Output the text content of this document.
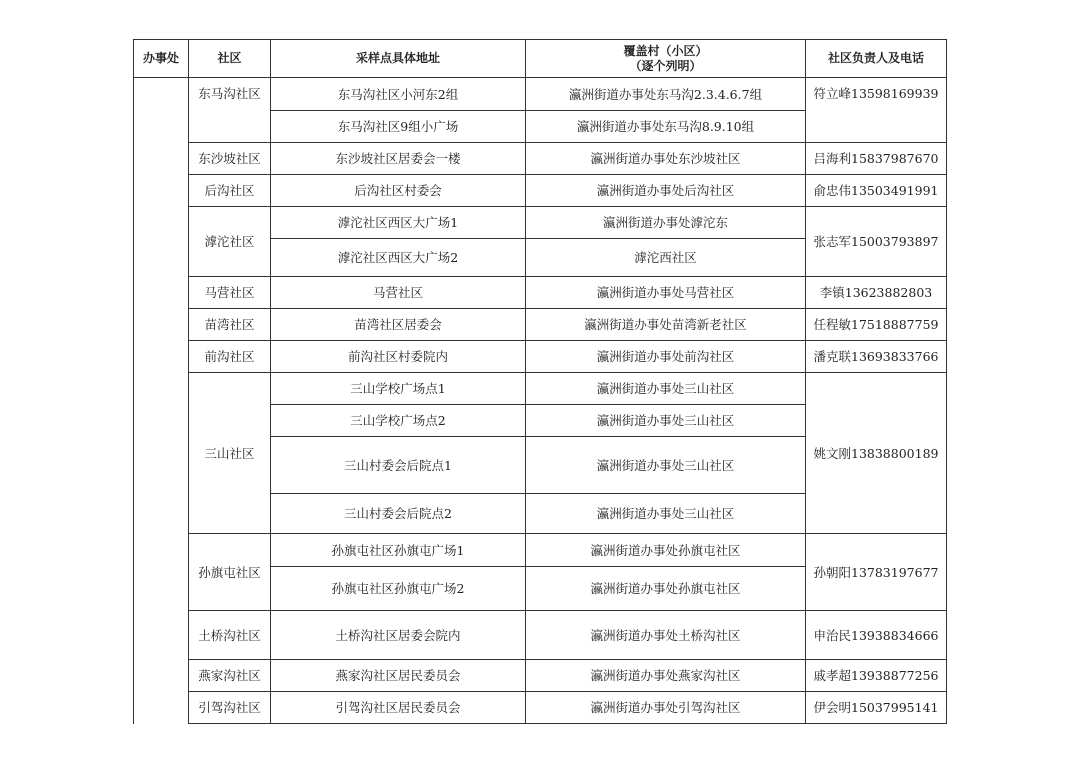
办事处	社区	采样点具体地址	覆盖村（小区）
（逐个列明）	社区负责人及电话
	东马沟社区	东马沟社区小河东2组	瀛洲街道办事处东马沟2.3.4.6.7组	符立峰13598169939
		东马沟社区9组小广场	瀛洲街道办事处东马沟8.9.10组	
	东沙坡社区	东沙坡社区居委会一楼	瀛洲街道办事处东沙坡社区	吕海利15837987670
	后沟社区	后沟社区村委会	瀛洲街道办事处后沟社区	俞忠伟13503491991
	滹沱社区	滹沱社区西区大广场1	瀛洲街道办事处滹沱东	张志军15003793897
		滹沱社区西区大广场2	滹沱西社区	
	马营社区	马营社区	瀛洲街道办事处马营社区	李镇13623882803
	苗湾社区	苗湾社区居委会	瀛洲街道办事处苗湾新老社区	任程敏17518887759
	前沟社区	前沟社区村委院内	瀛洲街道办事处前沟社区	潘克联13693833766
	三山社区	三山学校广场点1	瀛洲街道办事处三山社区	姚文刚13838800189
		三山学校广场点2	瀛洲街道办事处三山社区	
		三山村委会后院点1	瀛洲街道办事处三山社区	
		三山村委会后院点2	瀛洲街道办事处三山社区	
	孙旗屯社区	孙旗屯社区孙旗屯广场1	瀛洲街道办事处孙旗屯社区	孙朝阳13783197677
		孙旗屯社区孙旗屯广场2	瀛洲街道办事处孙旗屯社区	
	土桥沟社区	土桥沟社区居委会院内	瀛洲街道办事处土桥沟社区	申治民13938834666
	燕家沟社区	燕家沟社区居民委员会	瀛洲街道办事处燕家沟社区	戚孝超13938877256
	引驾沟社区	引驾沟社区居民委员会	瀛洲街道办事处引驾沟社区	伊会明15037995141
